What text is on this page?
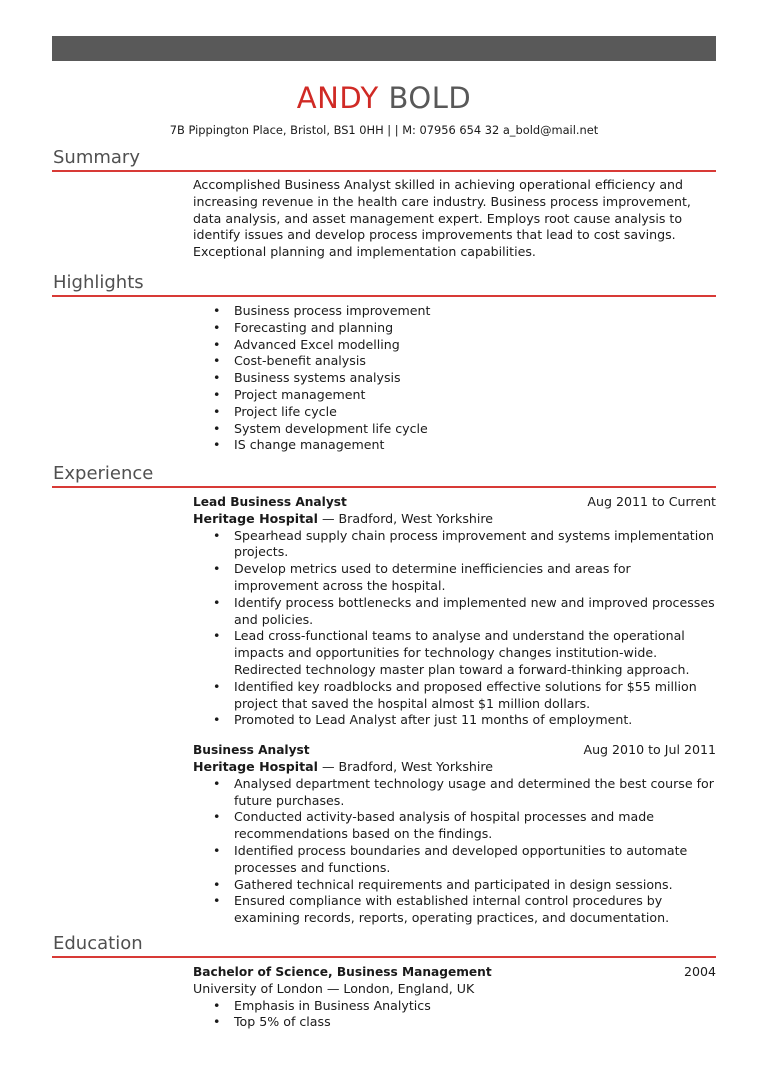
ANDY BOLD
7B Pippington Place, Bristol, BS1 0HH | | M: 07956 654 32 a_bold@mail.net
Summary
Accomplished Business Analyst skilled in achieving operational efficiency and increasing revenue in the health care industry. Business process improvement, data analysis, and asset management expert. Employs root cause analysis to identify issues and develop process improvements that lead to cost savings. Exceptional planning and implementation capabilities.
Highlights
• Business process improvement
• Forecasting and planning
• Advanced Excel modelling
• Cost-benefit analysis
• Business systems analysis
• Project management
• Project life cycle
• System development life cycle
• IS change management
Experience
Lead Business Analyst	Aug 2011 to Current
Heritage Hospital — Bradford, West Yorkshire
• Spearhead supply chain process improvement and systems implementation projects.
• Develop metrics used to determine inefficiencies and areas for improvement across the hospital.
• Identify process bottlenecks and implemented new and improved processes and policies.
• Lead cross-functional teams to analyse and understand the operational impacts and opportunities for technology changes institution-wide. Redirected technology master plan toward a forward-thinking approach.
• Identified key roadblocks and proposed effective solutions for $55 million project that saved the hospital almost $1 million dollars.
• Promoted to Lead Analyst after just 11 months of employment.
Business Analyst	Aug 2010 to Jul 2011
Heritage Hospital — Bradford, West Yorkshire
• Analysed department technology usage and determined the best course for future purchases.
• Conducted activity-based analysis of hospital processes and made recommendations based on the findings.
• Identified process boundaries and developed opportunities to automate processes and functions.
• Gathered technical requirements and participated in design sessions.
• Ensured compliance with established internal control procedures by examining records, reports, operating practices, and documentation.
Education
Bachelor of Science, Business Management	2004
University of London — London, England, UK
• Emphasis in Business Analytics
• Top 5% of class
